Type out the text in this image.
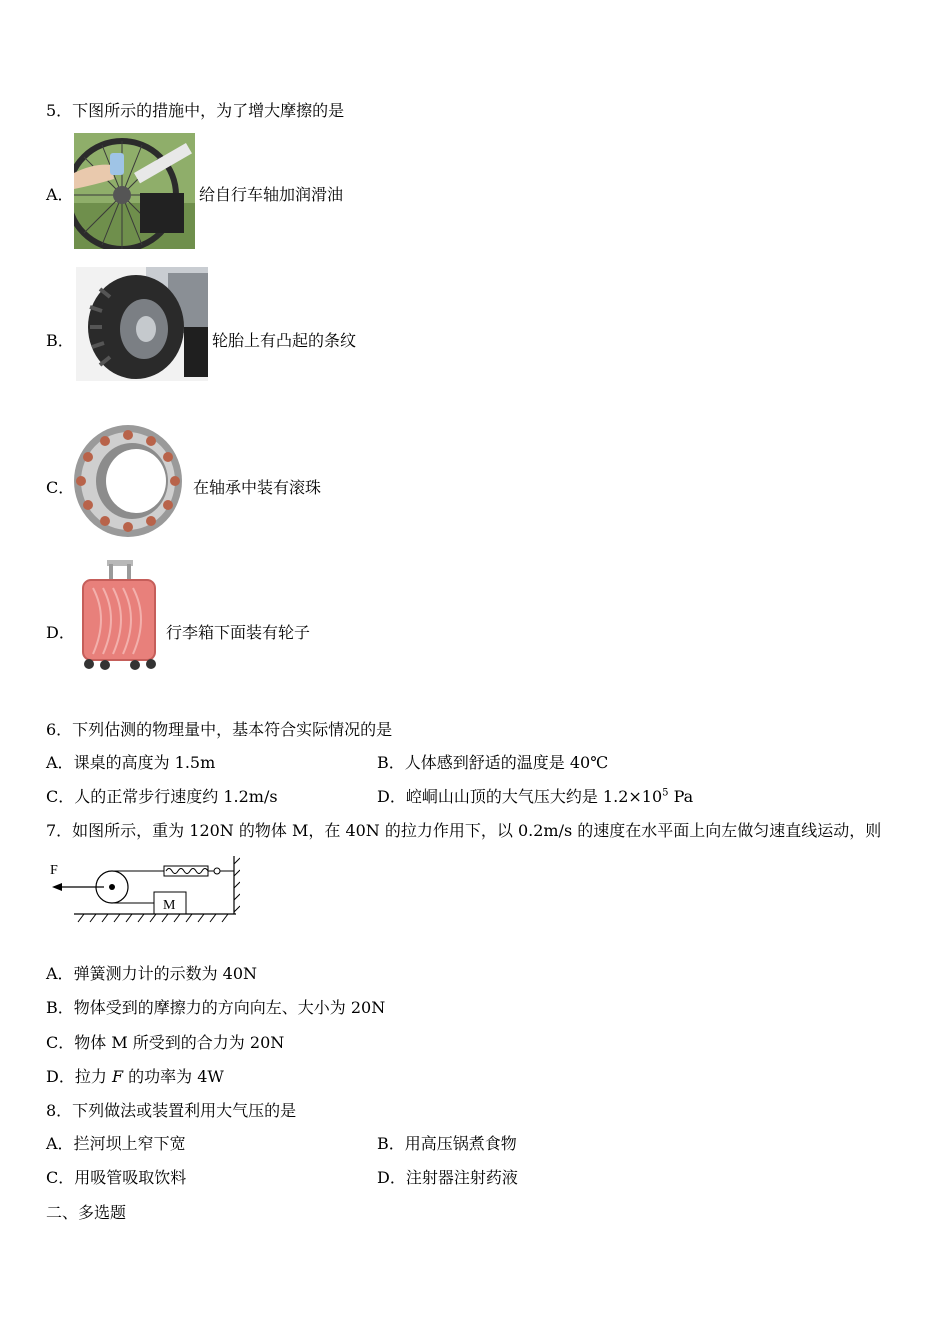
5．下图所示的措施中，为了增大摩擦的是
A．	给自行车轴加润滑油
B．	轮胎上有凸起的条纹
C．	在轴承中装有滚珠
D．	行李箱下面装有轮子
6．下列估测的物理量中，基本符合实际情况的是
A．课桌的高度为 1.5m	B．人体感到舒适的温度是 40℃
C．人的正常步行速度约 1.2m/s	D．崆峒山山顶的大气压大约是 $1.2\times 10^5$ Pa
7．如图所示，重为 120N 的物体 M，在 40N 的拉力作用下，以 0.2m/s 的速度在水平面上向左做匀速直线运动，则
F
M
A．弹簧测力计的示数为 40N
B．物体受到的摩擦力的方向向左、大小为 20N
C．物体 M 所受到的合力为 20N
D．拉力 F 的功率为 4W
8．下列做法或装置利用大气压的是
A．拦河坝上窄下宽	B．用高压锅煮食物
C．用吸管吸取饮料	D．注射器注射药液
二、多选题
